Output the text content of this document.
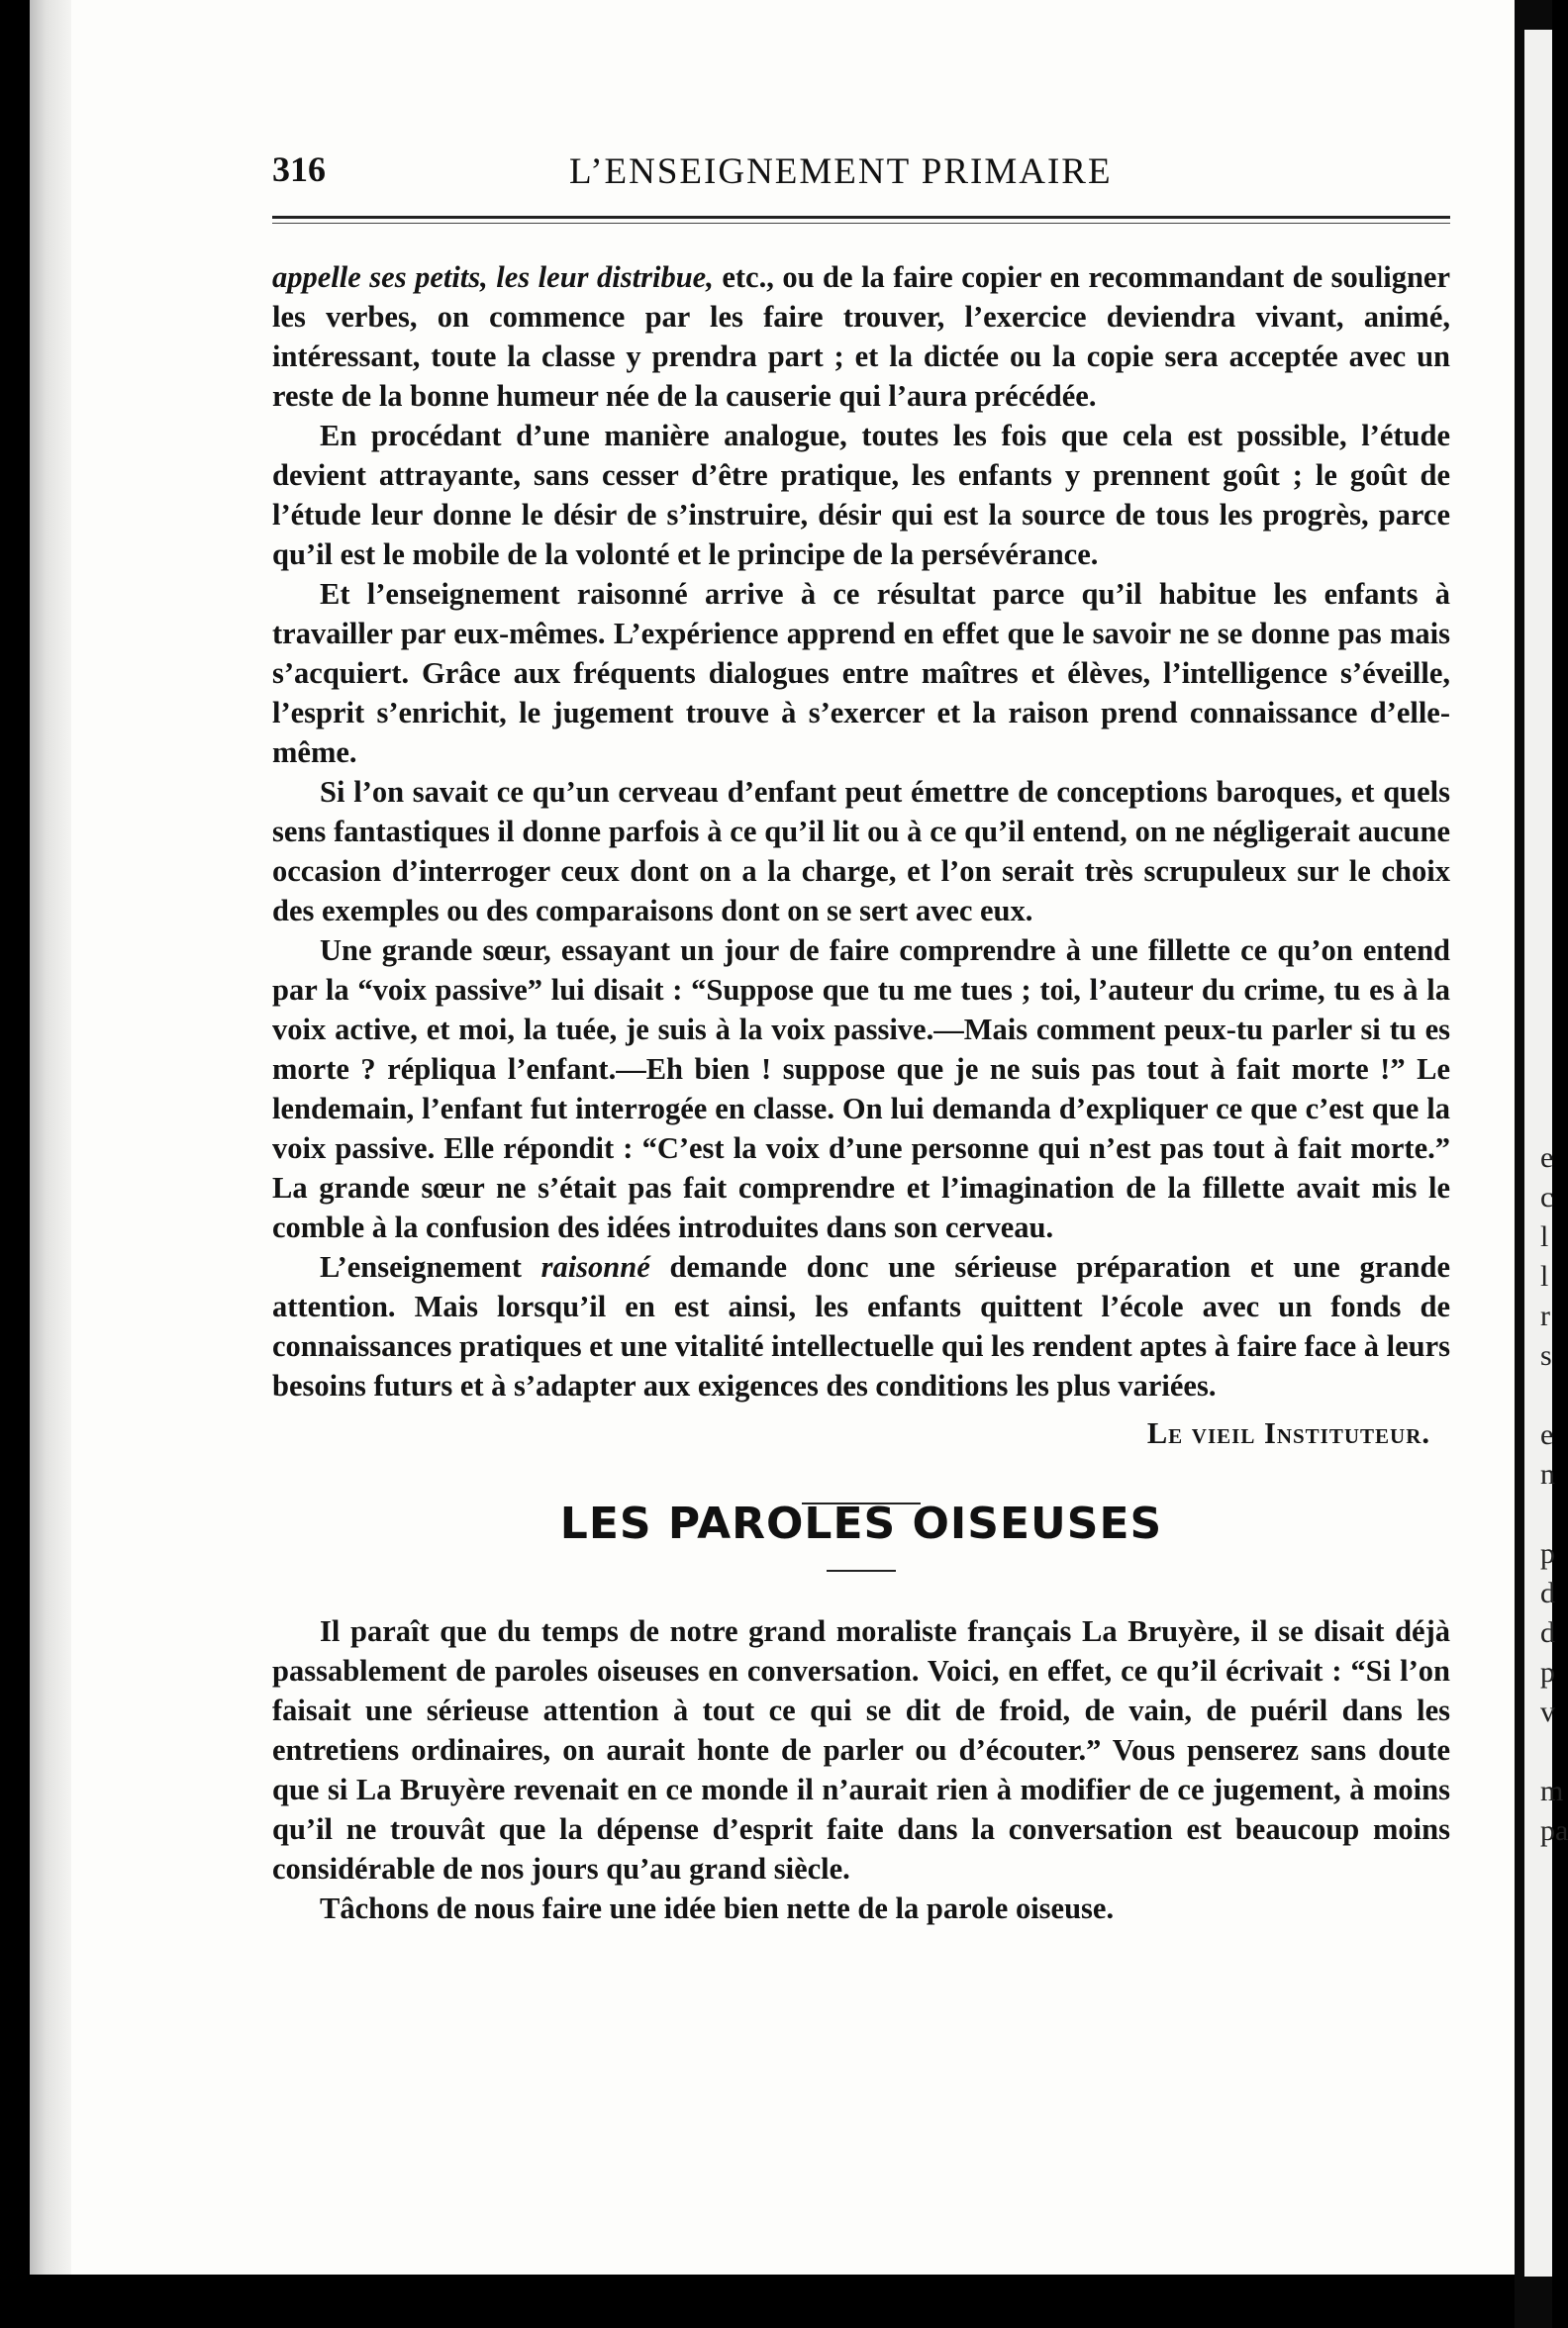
e
c
l
l
r
s

e
n

p
d
d
p
v

m
pa
316	L’ENSEIGNEMENT PRIMAIRE

appelle ses petits, les leur distribue, etc., ou de la faire copier en recommandant de souligner les verbes, on commence par les faire trouver, l’exercice deviendra vivant, animé, intéressant, toute la classe y prendra part ; et la dictée ou la copie sera acceptée avec un reste de la bonne humeur née de la causerie qui l’aura précédée.

En procédant d’une manière analogue, toutes les fois que cela est possible, l’étude devient attrayante, sans cesser d’être pratique, les enfants y prennent goût ; le goût de l’étude leur donne le désir de s’instruire, désir qui est la source de tous les progrès, parce qu’il est le mobile de la volonté et le principe de la persévérance.

Et l’enseignement raisonné arrive à ce résultat parce qu’il habitue les enfants à travailler par eux-mêmes. L’expérience apprend en effet que le savoir ne se donne pas mais s’acquiert. Grâce aux fréquents dialogues entre maîtres et élèves, l’intelligence s’éveille, l’esprit s’enrichit, le jugement trouve à s’exercer et la raison prend connaissance d’elle-même.

Si l’on savait ce qu’un cerveau d’enfant peut émettre de conceptions baroques, et quels sens fantastiques il donne parfois à ce qu’il lit ou à ce qu’il entend, on ne négligerait aucune occasion d’interroger ceux dont on a la charge, et l’on serait très scrupuleux sur le choix des exemples ou des comparaisons dont on se sert avec eux.

Une grande sœur, essayant un jour de faire comprendre à une fillette ce qu’on entend par la “voix passive” lui disait : “Suppose que tu me tues ; toi, l’auteur du crime, tu es à la voix active, et moi, la tuée, je suis à la voix passive.—Mais comment peux-tu parler si tu es morte ? répliqua l’enfant.—Eh bien ! suppose que je ne suis pas tout à fait morte !” Le lendemain, l’enfant fut interrogée en classe. On lui demanda d’expliquer ce que c’est que la voix passive. Elle répondit : “C’est la voix d’une personne qui n’est pas tout à fait morte.” La grande sœur ne s’était pas fait comprendre et l’imagination de la fillette avait mis le comble à la confusion des idées introduites dans son cerveau.

L’enseignement raisonné demande donc une sérieuse préparation et une grande attention. Mais lorsqu’il en est ainsi, les enfants quittent l’école avec un fonds de connaissances pratiques et une vitalité intellectuelle qui les rendent aptes à faire face à leurs besoins futurs et à s’adapter aux exigences des conditions les plus variées.

Le vieil Instituteur.

LES PAROLES OISEUSES

Il paraît que du temps de notre grand moraliste français La Bruyère, il se disait déjà passablement de paroles oiseuses en conversation. Voici, en effet, ce qu’il écrivait : “Si l’on faisait une sérieuse attention à tout ce qui se dit de froid, de vain, de puéril dans les entretiens ordinaires, on aurait honte de parler ou d’écouter.” Vous penserez sans doute que si La Bruyère revenait en ce monde il n’aurait rien à modifier de ce jugement, à moins qu’il ne trouvât que la dépense d’esprit faite dans la conversation est beaucoup moins considérable de nos jours qu’au grand siècle.

Tâchons de nous faire une idée bien nette de la parole oiseuse.
